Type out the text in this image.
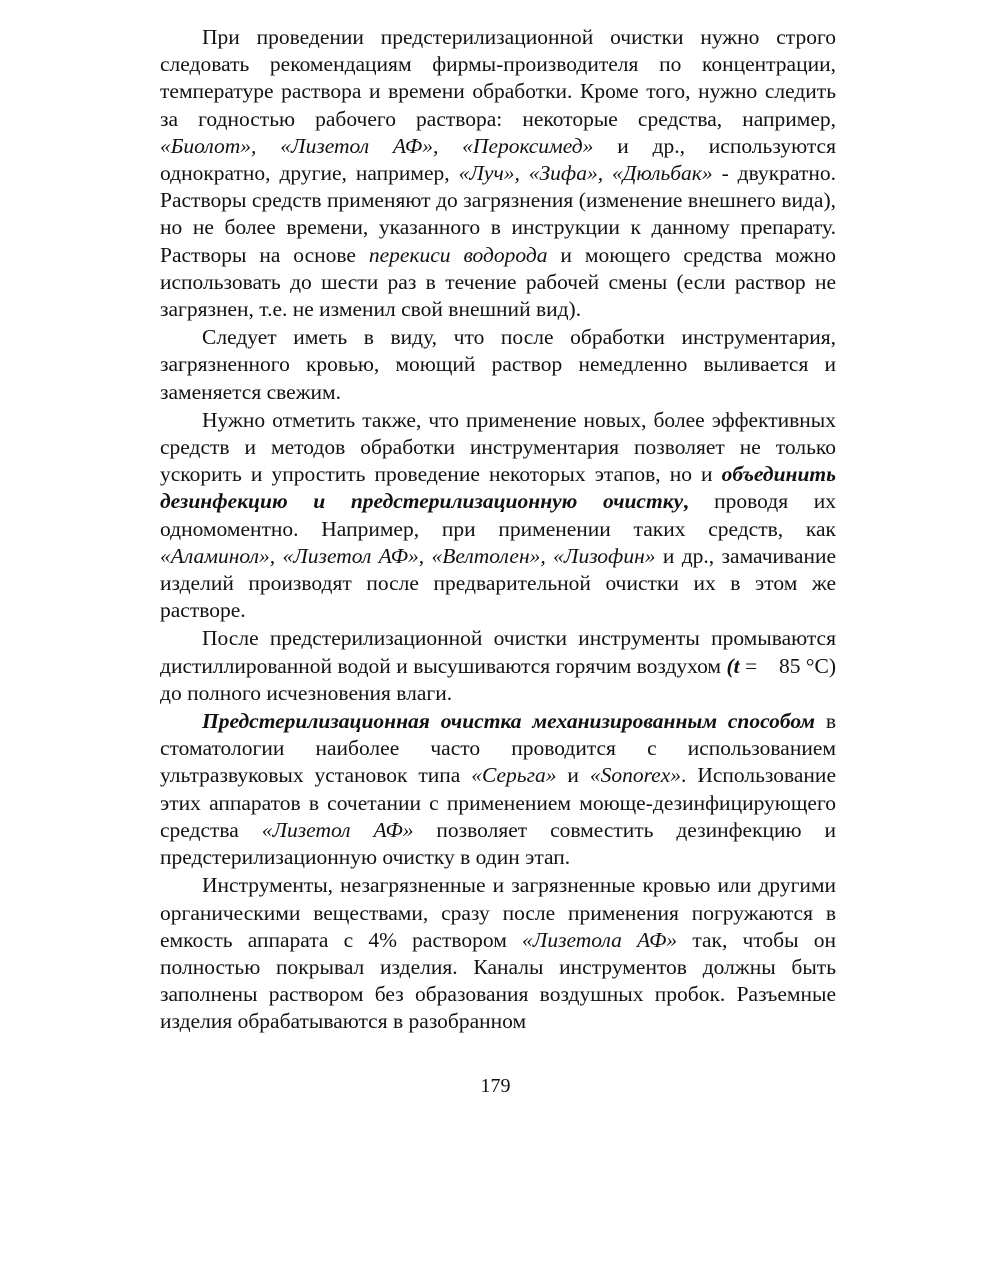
При проведении предстерилизационной очистки нужно строго следовать рекомендациям фирмы-производителя по концентрации, температуре раствора и времени обработки. Кроме того, нужно следить за годностью рабочего раствора: некоторые средства, например, «Биолот», «Лизетол АФ», «Пероксимед» и др., используются однократно, другие, например, «Луч», «Зифа», «Дюльбак» - двукратно. Растворы средств применяют до загрязнения (изменение внешнего вида), но не более времени, указанного в инструкции к данному препарату. Растворы на основе перекиси водорода и моющего средства можно использовать до шести раз в течение рабочей смены (если раствор не загрязнен, т.е. не изменил свой внешний вид).

Следует иметь в виду, что после обработки инструментария, загрязненного кровью, моющий раствор немедленно выливается и заменяется свежим.

Нужно отметить также, что применение новых, более эффективных средств и методов обработки инструментария позволяет не только ускорить и упростить проведение некоторых этапов, но и объединить дезинфекцию и предстерилизационную очистку, проводя их одномоментно. Например, при применении таких средств, как «Аламинол», «Лизетол АФ», «Велтолен», «Лизофин» и др., замачивание изделий производят после предварительной очистки их в этом же растворе.

После предстерилизационной очистки инструменты промываются дистиллированной водой и высушиваются горячим воздухом (t =    85 °С) до полного исчезновения влаги.

Предстерилизационная очистка механизированным способом в стоматологии наиболее часто проводится с использованием ультразвуковых установок типа «Серьга» и «Sonorex». Использование этих аппаратов в сочетании с применением моюще-дезинфицирующего средства «Лизетол АФ» позволяет совместить дезинфекцию и предстерилизационную очистку в один этап.

Инструменты, незагрязненные и загрязненные кровью или другими органическими веществами, сразу после применения погружаются в емкость аппарата с 4% раствором «Лизетола АФ» так, чтобы он полностью покрывал изделия. Каналы инструментов должны быть заполнены раствором без образования воздушных пробок. Разъемные изделия обрабатываются в разобранном

179
